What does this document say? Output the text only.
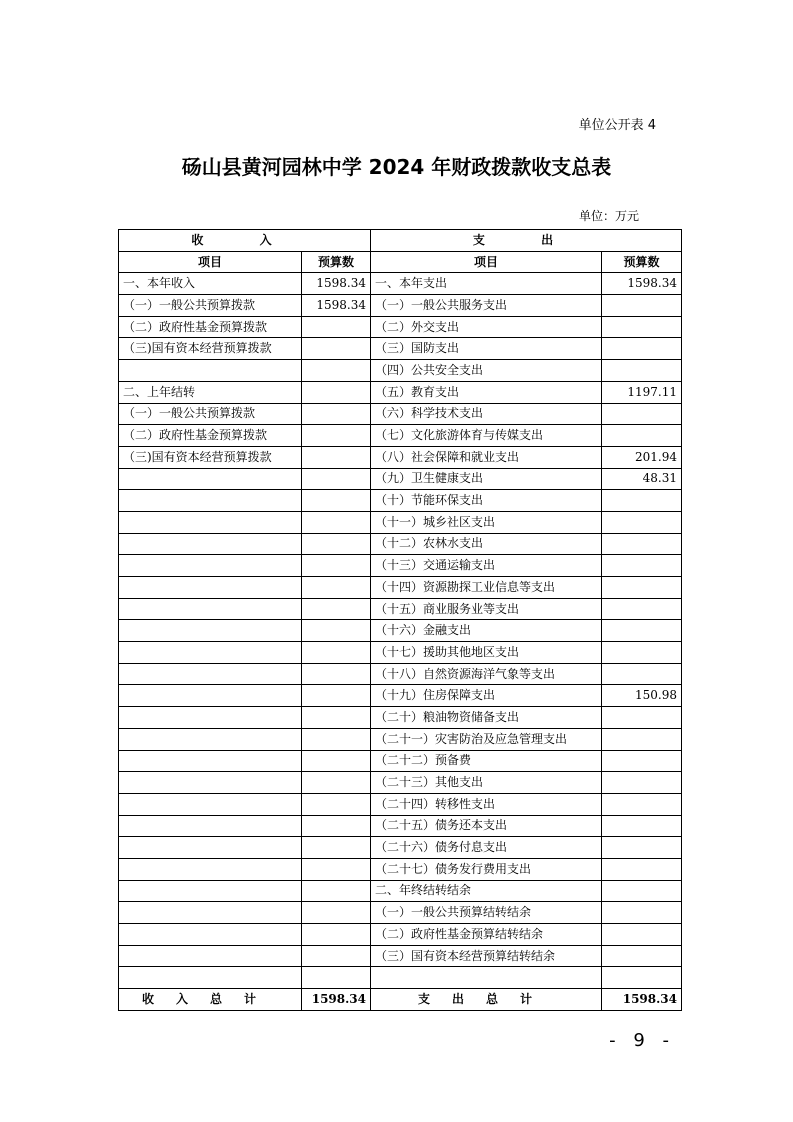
单位公开表 4
砀山县黄河园林中学 2024 年财政拨款收支总表
单位：万元
收 入		支 出	
项目	预算数	项目	预算数
一、本年收入	1598.34	一、本年支出	1598.34
（一）一般公共预算拨款	1598.34	（一）一般公共服务支出	
（二）政府性基金预算拨款		（二）外交支出	
（三)国有资本经营预算拨款		（三）国防支出	
		（四）公共安全支出	
二、上年结转		（五）教育支出	1197.11
（一）一般公共预算拨款		（六）科学技术支出	
（二）政府性基金预算拨款		（七）文化旅游体育与传媒支出	
（三)国有资本经营预算拨款		（八）社会保障和就业支出	201.94
		（九）卫生健康支出	48.31
		（十）节能环保支出	
		（十一）城乡社区支出	
		（十二）农林水支出	
		（十三）交通运输支出	
		（十四）资源勘探工业信息等支出	
		（十五）商业服务业等支出	
		（十六）金融支出	
		（十七）援助其他地区支出	
		（十八）自然资源海洋气象等支出	
		（十九）住房保障支出	150.98
		（二十）粮油物资储备支出	
		（二十一）灾害防治及应急管理支出	
		（二十二）预备费	
		（二十三）其他支出	
		（二十四）转移性支出	
		（二十五）债务还本支出	
		（二十六）债务付息支出	
		（二十七）债务发行费用支出	
		二、年终结转结余	
		（一）一般公共预算结转结余	
		（二）政府性基金预算结转结余	
		（三）国有资本经营预算结转结余	

收入总计	1598.34	支出总计	1598.34
- 9 -
